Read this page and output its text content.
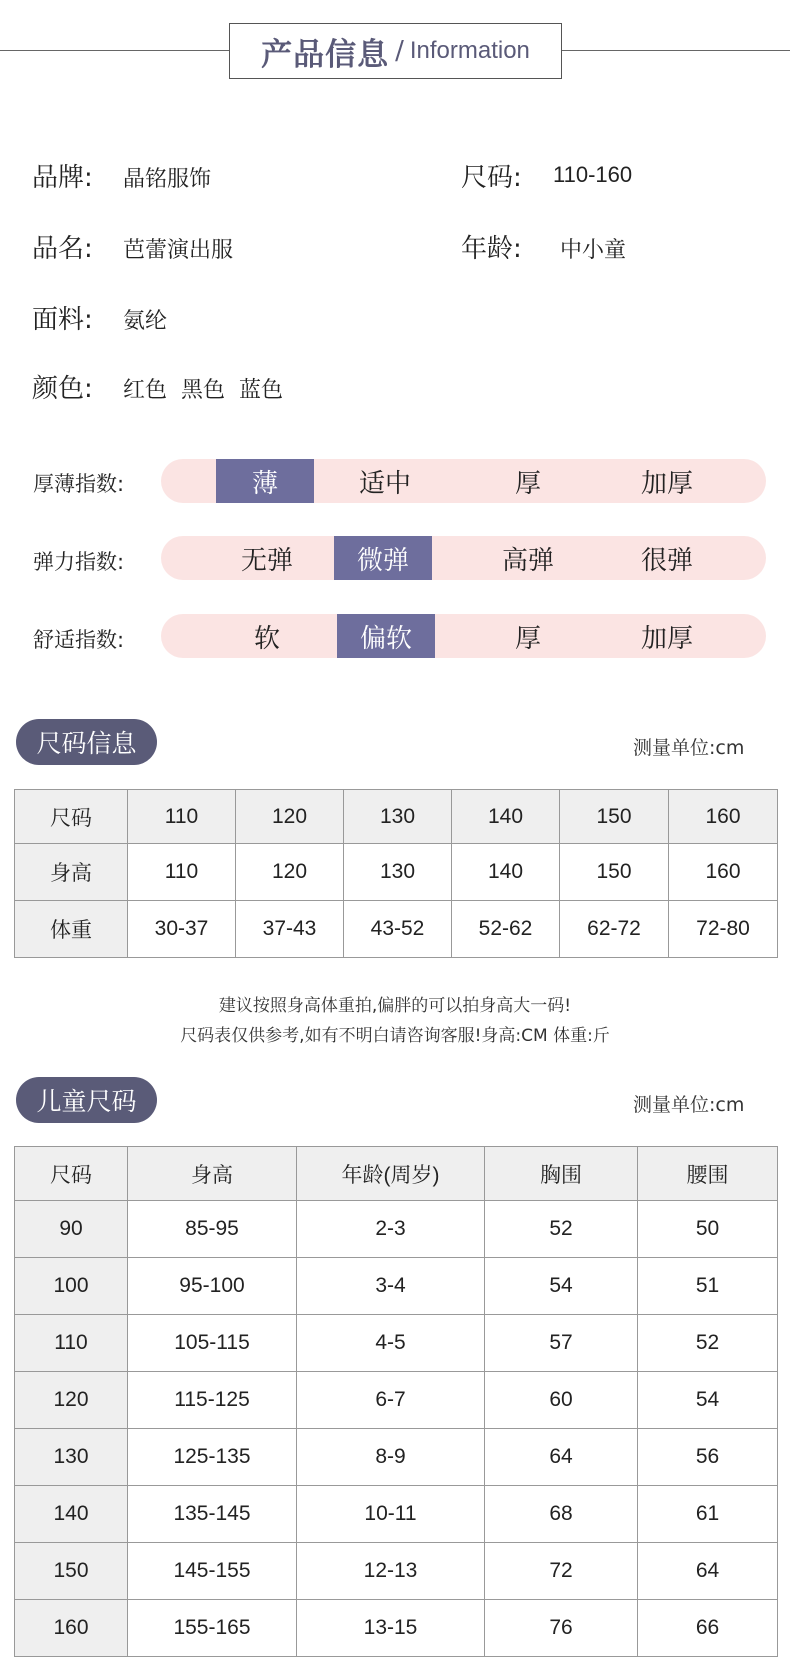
产品信息 / Information
品牌: 晶铭服饰	尺码: 110-160
品名: 芭蕾演出服	年龄: 中小童
面料: 氨纶
颜色: 红色  黑色  蓝色
厚薄指数:	薄	适中	厚	加厚
弹力指数:	无弹	微弹	高弹	很弹
舒适指数:	软	偏软	厚	加厚
尺码信息	测量单位:cm
尺码	110	120	130	140	150	160
身高	110	120	130	140	150	160
体重	30-37	37-43	43-52	52-62	62-72	72-80
建议按照身高体重拍,偏胖的可以拍身高大一码!
尺码表仅供参考,如有不明白请咨询客服!身高:CM 体重:斤
儿童尺码	测量单位:cm
尺码	身高	年龄(周岁)	胸围	腰围
90	85-95	2-3	52	50
100	95-100	3-4	54	51
110	105-115	4-5	57	52
120	115-125	6-7	60	54
130	125-135	8-9	64	56
140	135-145	10-11	68	61
150	145-155	12-13	72	64
160	155-165	13-15	76	66
